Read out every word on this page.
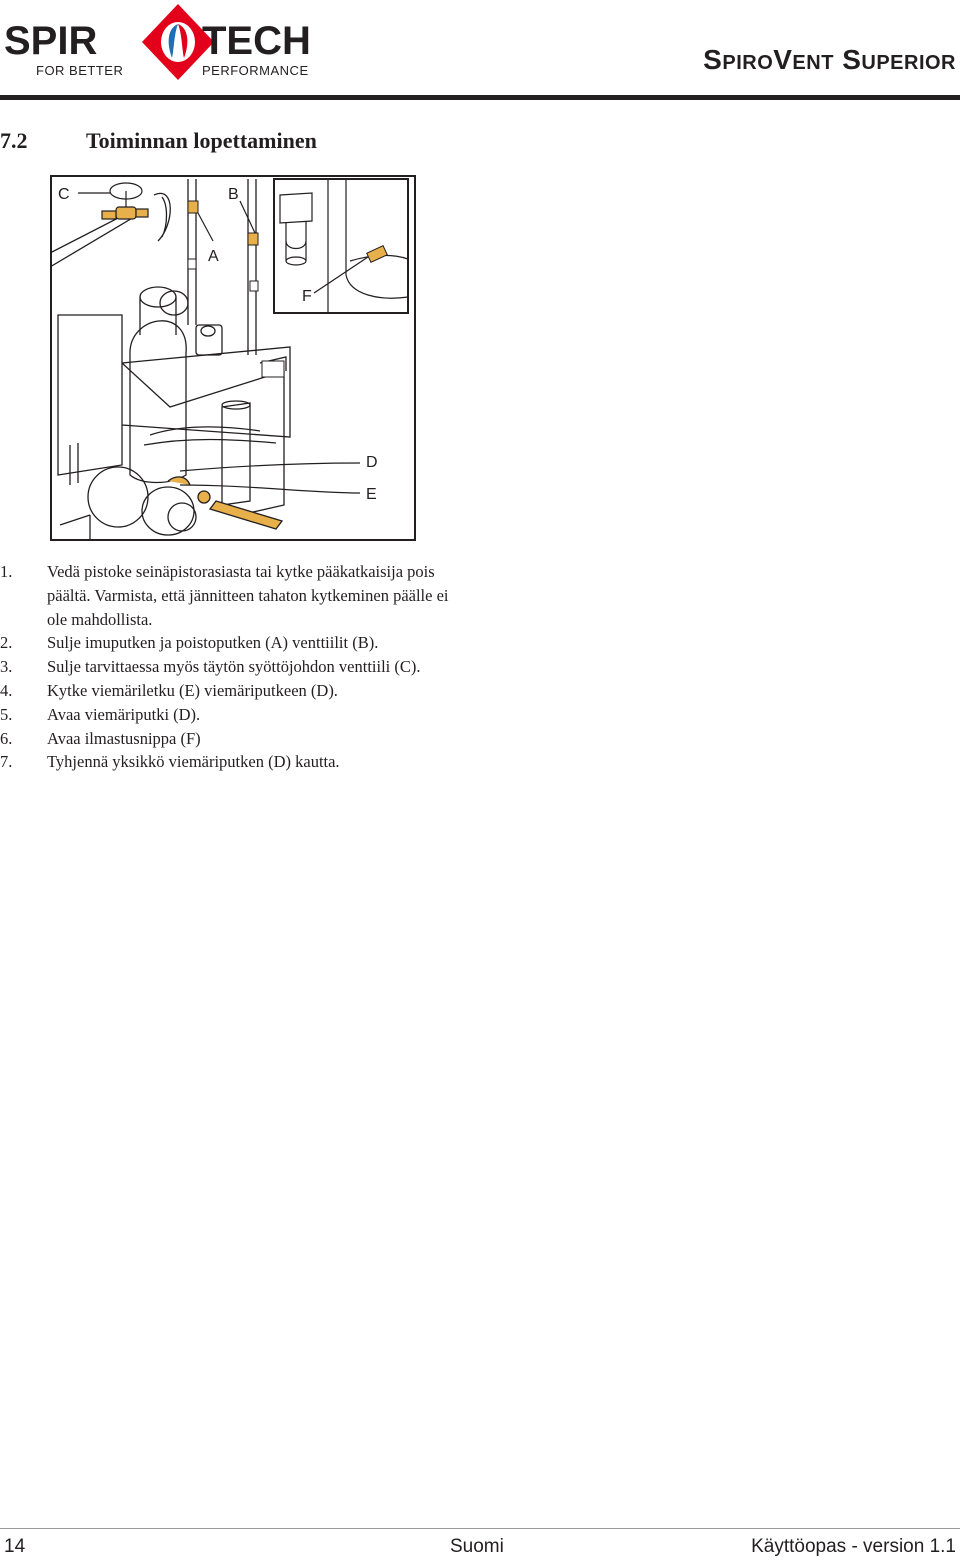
SPIR	TECH
FOR BETTER	PERFORMANCE	SpiroVent Superior
7.2	Toiminnan lopettaminen
C	B
A
F
D
E
1. Vedä pistoke seinäpistorasiasta tai kytke pääkatkaisija pois päältä. Varmista, että jännitteen tahaton kytkeminen päälle ei ole mahdollista.
2. Sulje imuputken ja poistoputken (A) venttiilit (B).
3. Sulje tarvittaessa myös täytön syöttöjohdon venttiili (C).
4. Kytke viemäriletku (E) viemäriputkeen (D).
5. Avaa viemäriputki (D).
6. Avaa ilmastusnippa (F)
7. Tyhjennä yksikkö viemäriputken (D) kautta.
14	Suomi	Käyttöopas - version 1.1
